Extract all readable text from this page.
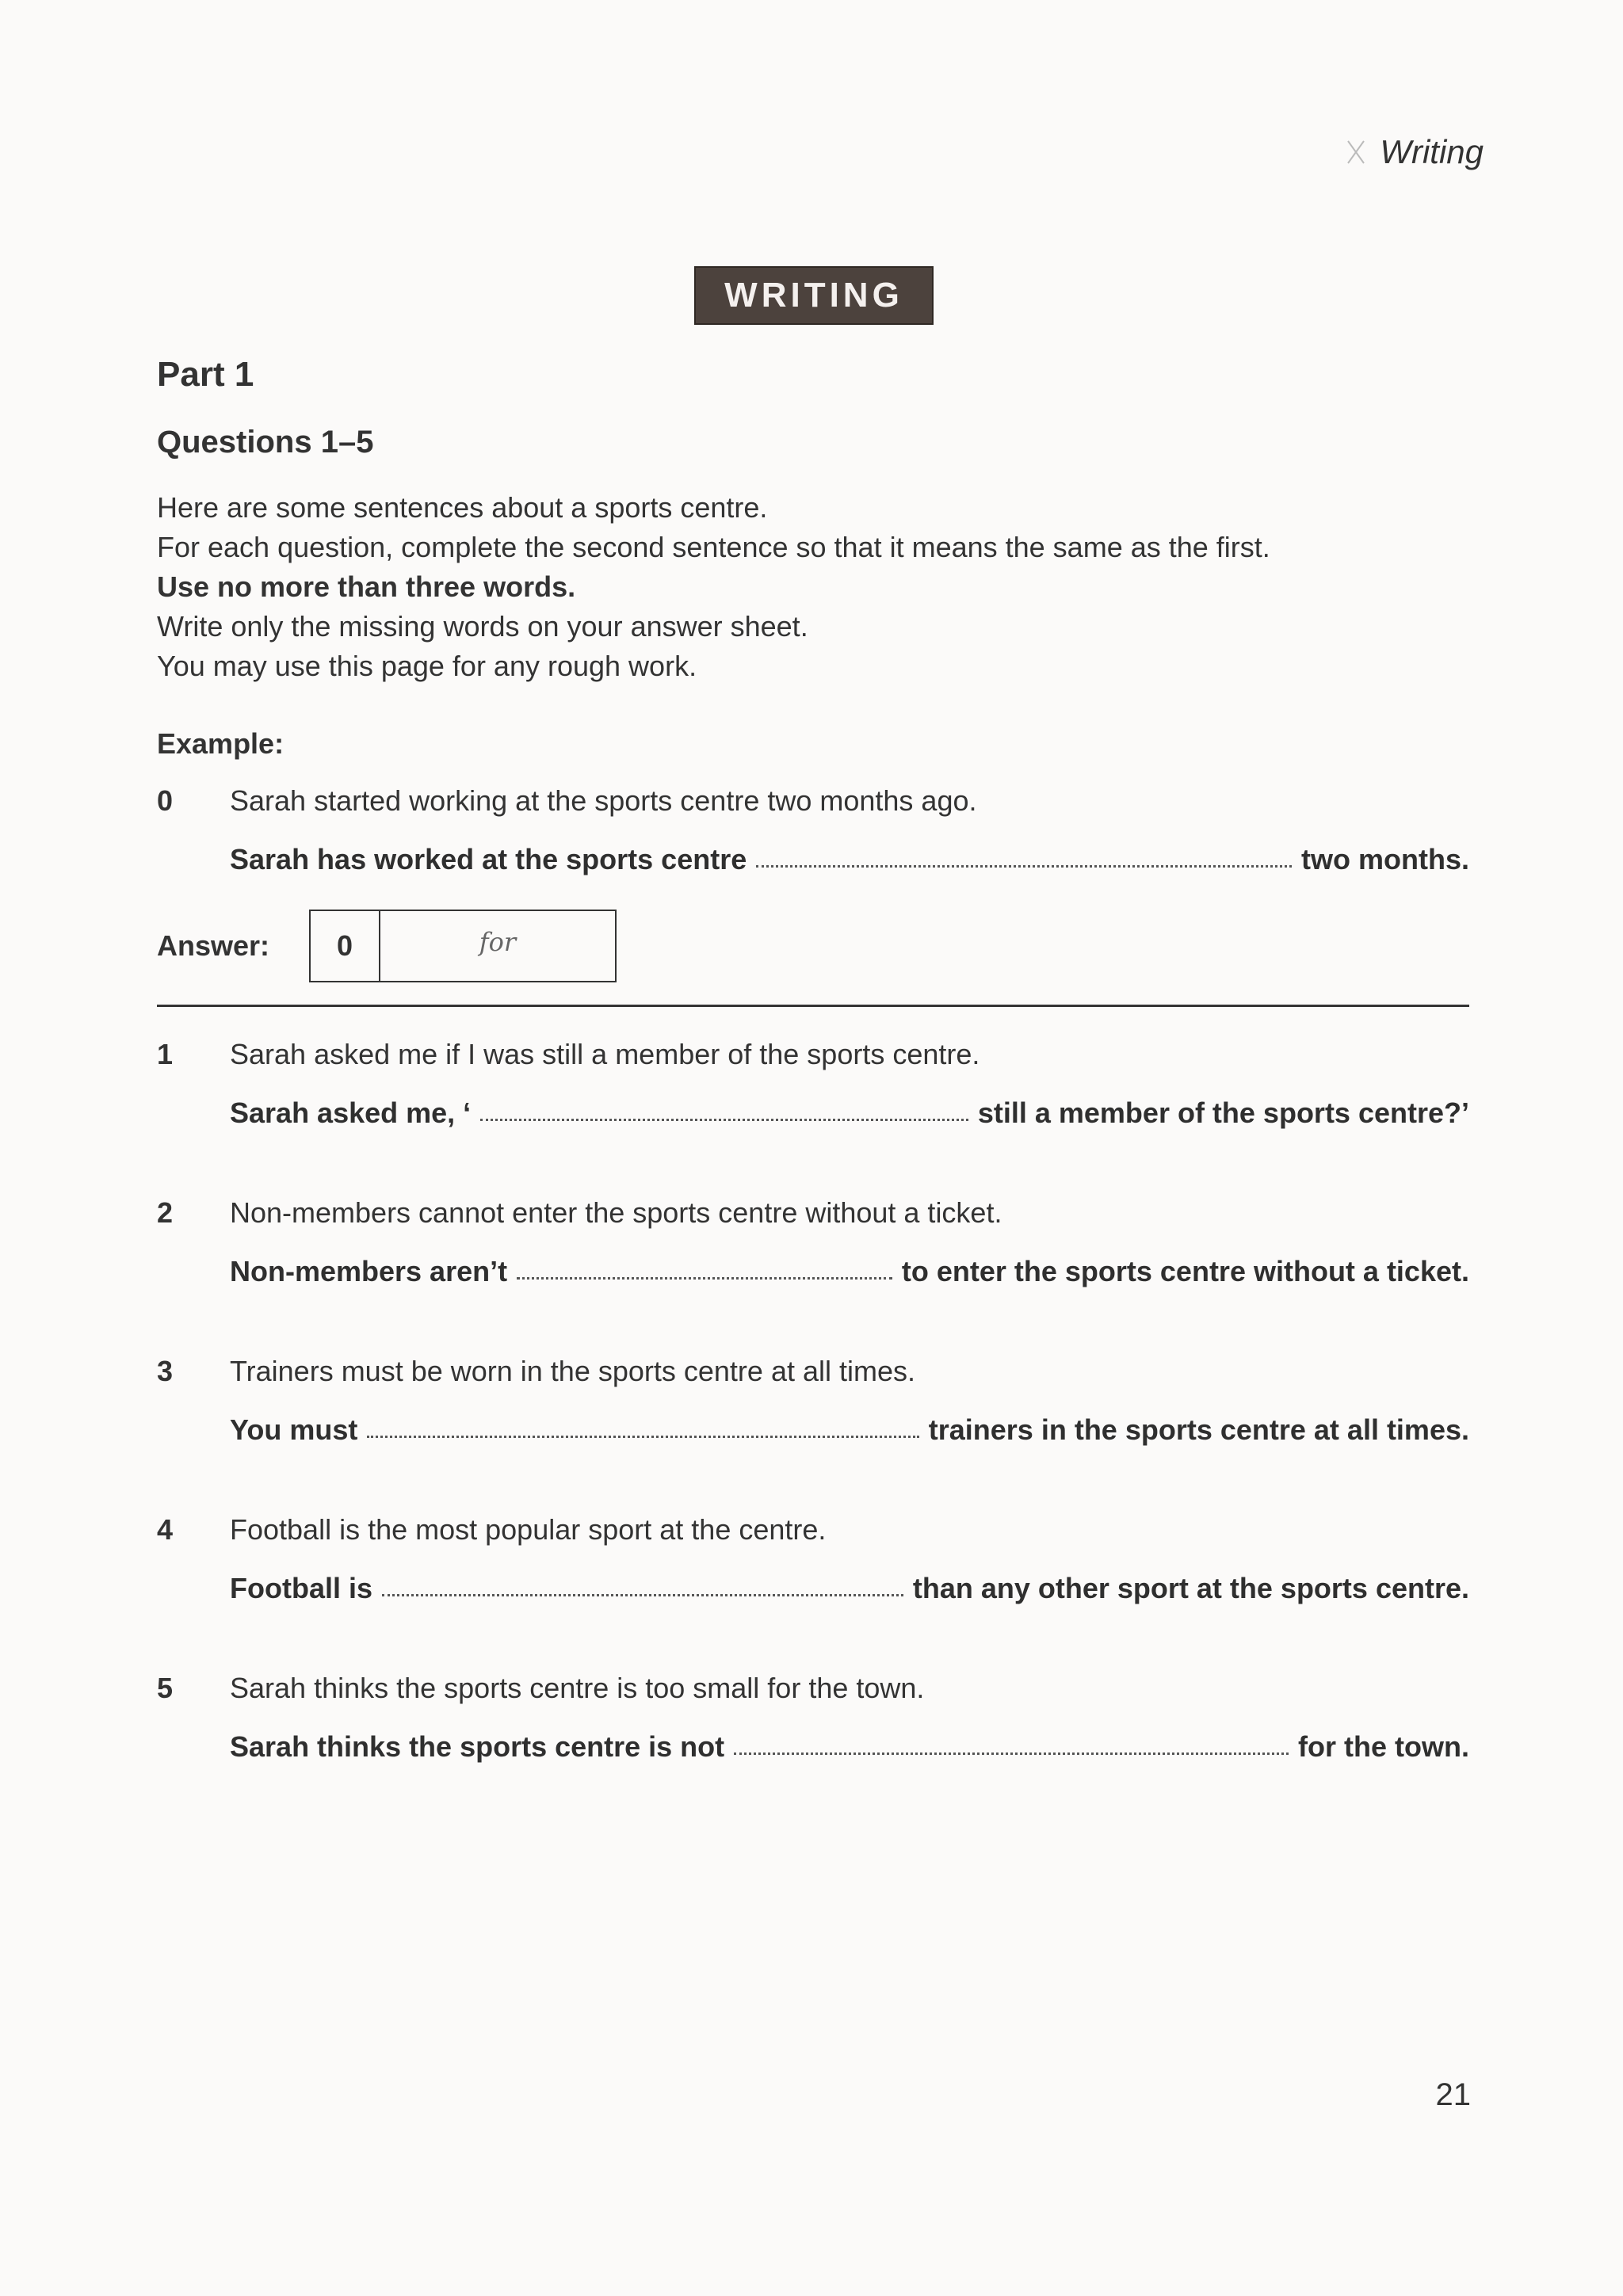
Writing
WRITING
Part 1
Questions 1–5
Here are some sentences about a sports centre.
For each question, complete the second sentence so that it means the same as the first.
Use no more than three words.
Write only the missing words on your answer sheet.
You may use this page for any rough work.
Example:
0 Sarah started working at the sports centre two months ago.
Sarah has worked at the sports centre	two months.
Answer:	0	for
1 Sarah asked me if I was still a member of the sports centre.
Sarah asked me, ‘	still a member of the sports centre?’
2 Non-members cannot enter the sports centre without a ticket.
Non-members aren’t	to enter the sports centre without a ticket.
3 Trainers must be worn in the sports centre at all times.
You must	trainers in the sports centre at all times.
4 Football is the most popular sport at the centre.
Football is	than any other sport at the sports centre.
5 Sarah thinks the sports centre is too small for the town.
Sarah thinks the sports centre is not	for the town.
21
